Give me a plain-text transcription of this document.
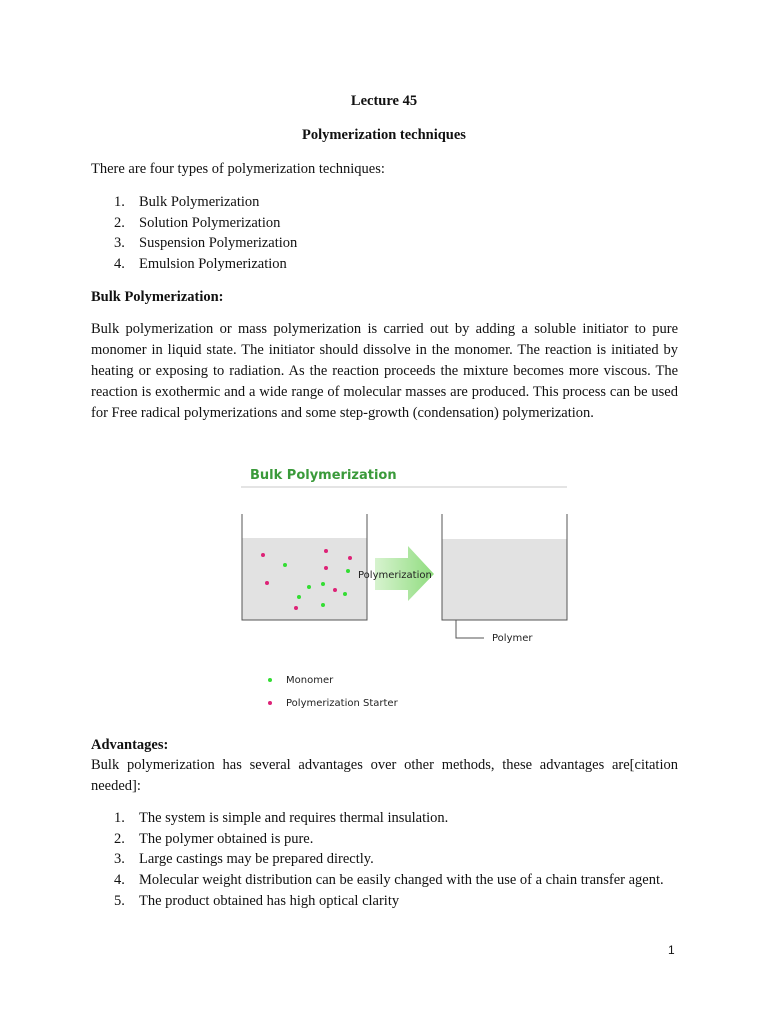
Lecture 45
Polymerization techniques
There are four types of polymerization techniques:
1. Bulk Polymerization
2. Solution Polymerization
3. Suspension Polymerization
4. Emulsion Polymerization
Bulk Polymerization:
Bulk polymerization or mass polymerization is carried out by adding a soluble initiator to pure monomer in liquid state. The initiator should dissolve in the monomer. The reaction is initiated by heating or exposing to radiation. As the reaction proceeds the mixture becomes more viscous. The reaction is exothermic and a wide range of molecular masses are produced. This process can be used for Free radical polymerizations and some step-growth (condensation) polymerization.
Bulk Polymerization
Polymerization
Polymer
Monomer
Polymerization Starter
Advantages:
Bulk polymerization has several advantages over other methods, these advantages are[citation needed]:
1. The system is simple and requires thermal insulation.
2. The polymer obtained is pure.
3. Large castings may be prepared directly.
4. Molecular weight distribution can be easily changed with the use of a chain transfer agent.
5. The product obtained has high optical clarity
1
